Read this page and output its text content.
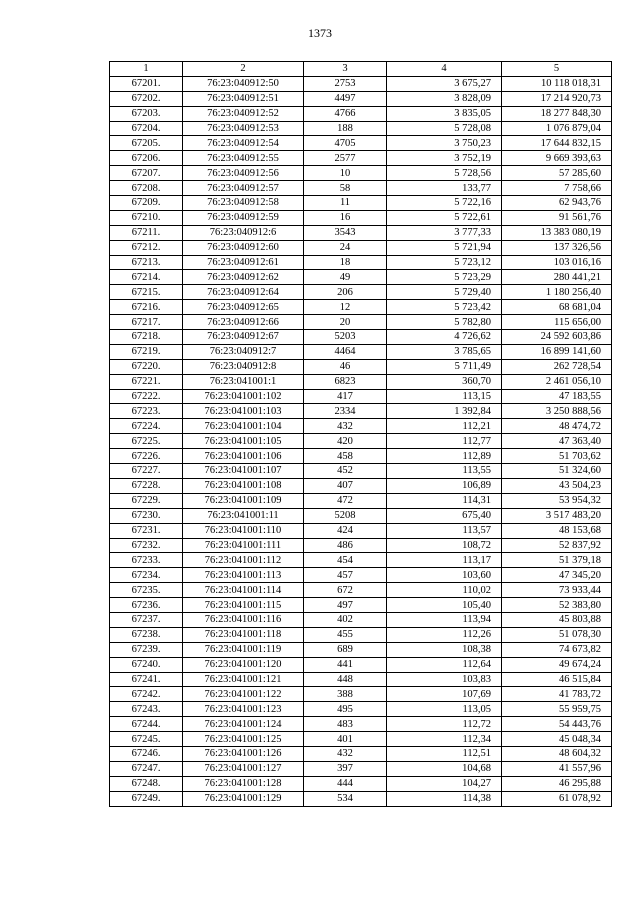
1373
1	2	3	4	5
67201.	76:23:040912:50	2753	3 675,27	10 118 018,31
67202.	76:23:040912:51	4497	3 828,09	17 214 920,73
67203.	76:23:040912:52	4766	3 835,05	18 277 848,30
67204.	76:23:040912:53	188	5 728,08	1 076 879,04
67205.	76:23:040912:54	4705	3 750,23	17 644 832,15
67206.	76:23:040912:55	2577	3 752,19	9 669 393,63
67207.	76:23:040912:56	10	5 728,56	57 285,60
67208.	76:23:040912:57	58	133,77	7 758,66
67209.	76:23:040912:58	11	5 722,16	62 943,76
67210.	76:23:040912:59	16	5 722,61	91 561,76
67211.	76:23:040912:6	3543	3 777,33	13 383 080,19
67212.	76:23:040912:60	24	5 721,94	137 326,56
67213.	76:23:040912:61	18	5 723,12	103 016,16
67214.	76:23:040912:62	49	5 723,29	280 441,21
67215.	76:23:040912:64	206	5 729,40	1 180 256,40
67216.	76:23:040912:65	12	5 723,42	68 681,04
67217.	76:23:040912:66	20	5 782,80	115 656,00
67218.	76:23:040912:67	5203	4 726,62	24 592 603,86
67219.	76:23:040912:7	4464	3 785,65	16 899 141,60
67220.	76:23:040912:8	46	5 711,49	262 728,54
67221.	76:23:041001:1	6823	360,70	2 461 056,10
67222.	76:23:041001:102	417	113,15	47 183,55
67223.	76:23:041001:103	2334	1 392,84	3 250 888,56
67224.	76:23:041001:104	432	112,21	48 474,72
67225.	76:23:041001:105	420	112,77	47 363,40
67226.	76:23:041001:106	458	112,89	51 703,62
67227.	76:23:041001:107	452	113,55	51 324,60
67228.	76:23:041001:108	407	106,89	43 504,23
67229.	76:23:041001:109	472	114,31	53 954,32
67230.	76:23:041001:11	5208	675,40	3 517 483,20
67231.	76:23:041001:110	424	113,57	48 153,68
67232.	76:23:041001:111	486	108,72	52 837,92
67233.	76:23:041001:112	454	113,17	51 379,18
67234.	76:23:041001:113	457	103,60	47 345,20
67235.	76:23:041001:114	672	110,02	73 933,44
67236.	76:23:041001:115	497	105,40	52 383,80
67237.	76:23:041001:116	402	113,94	45 803,88
67238.	76:23:041001:118	455	112,26	51 078,30
67239.	76:23:041001:119	689	108,38	74 673,82
67240.	76:23:041001:120	441	112,64	49 674,24
67241.	76:23:041001:121	448	103,83	46 515,84
67242.	76:23:041001:122	388	107,69	41 783,72
67243.	76:23:041001:123	495	113,05	55 959,75
67244.	76:23:041001:124	483	112,72	54 443,76
67245.	76:23:041001:125	401	112,34	45 048,34
67246.	76:23:041001:126	432	112,51	48 604,32
67247.	76:23:041001:127	397	104,68	41 557,96
67248.	76:23:041001:128	444	104,27	46 295,88
67249.	76:23:041001:129	534	114,38	61 078,92
